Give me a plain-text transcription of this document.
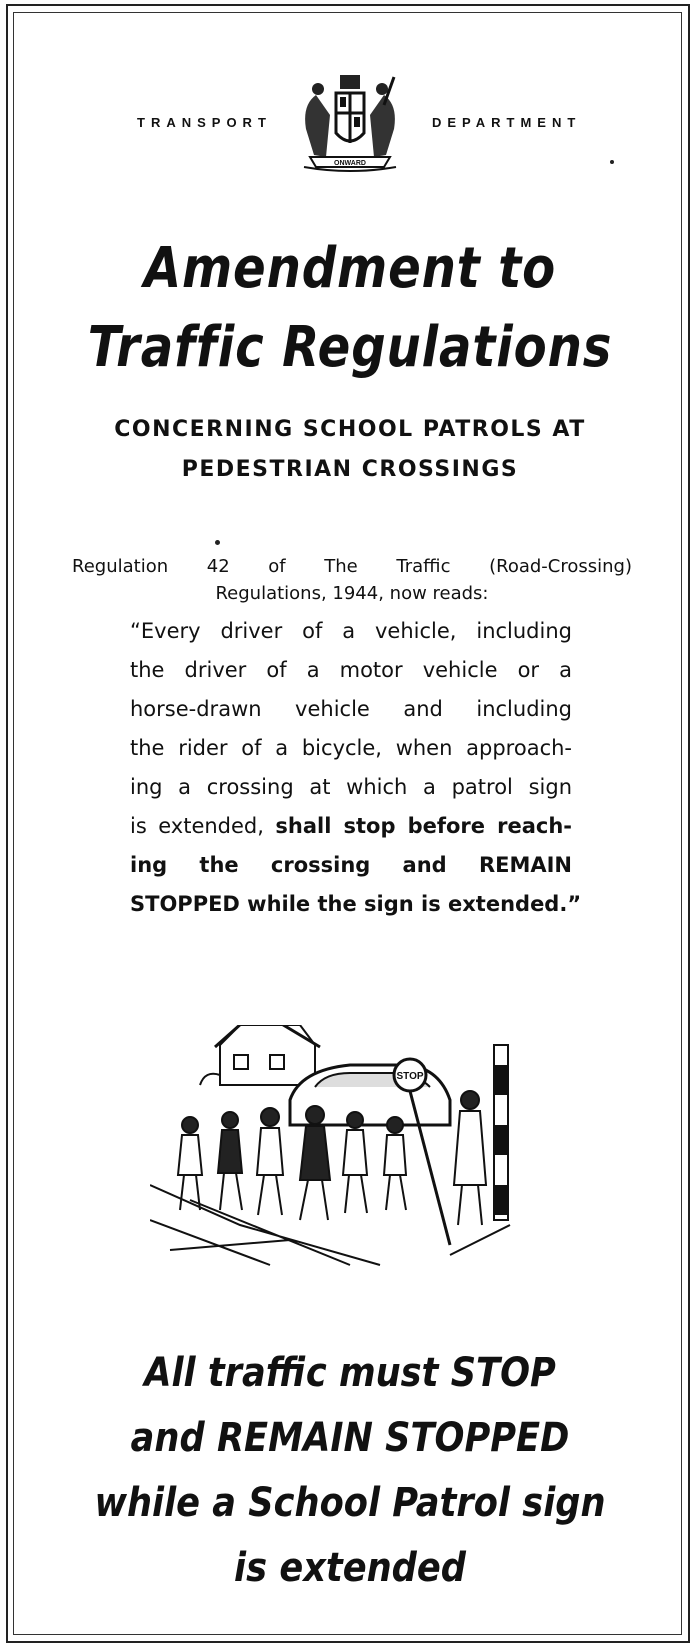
TRANSPORT
ONWARD
DEPARTMENT
Amendment to
Traffic Regulations
CONCERNING SCHOOL PATROLS AT
PEDESTRIAN CROSSINGS
Regulation 42 of The Traffic (Road-Crossing)
Regulations, 1944, now reads:
“Every driver of a vehicle, including
the driver of a motor vehicle or a
horse-drawn vehicle and including
the rider of a bicycle, when approach-
ing a crossing at which a patrol sign
is extended, shall stop before reach-
ing the crossing and REMAIN
STOPPED while the sign is extended.”
STOP
All traffic must STOP
and REMAIN STOPPED
while a School Patrol sign
is extended
